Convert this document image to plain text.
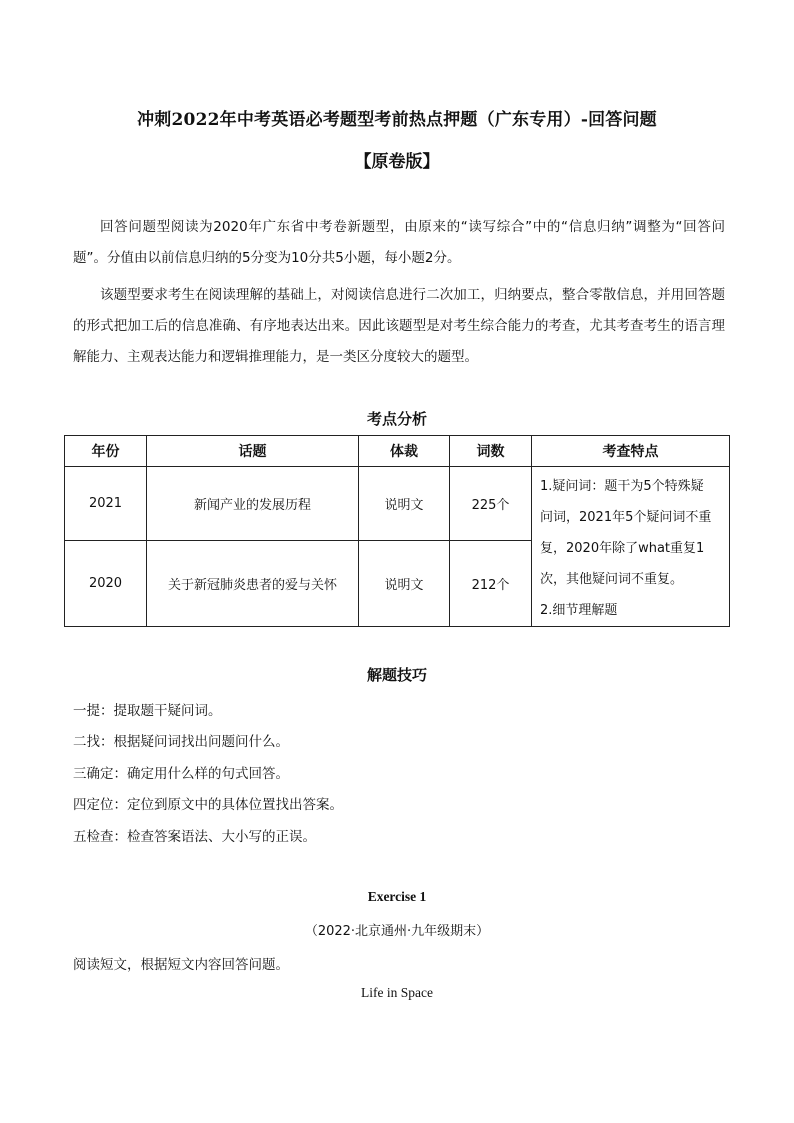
冲刺2022年中考英语必考题型考前热点押题（广东专用）-回答问题
【原卷版】
回答问题型阅读为2020年广东省中考卷新题型，由原来的“读写综合”中的“信息归纳”调整为“回答问题”。分值由以前信息归纳的5分变为10分共5小题，每小题2分。
该题型要求考生在阅读理解的基础上，对阅读信息进行二次加工，归纳要点，整合零散信息，并用回答题的形式把加工后的信息准确、有序地表达出来。因此该题型是对考生综合能力的考查，尤其考查考生的语言理解能力、主观表达能力和逻辑推理能力，是一类区分度较大的题型。
考点分析
年份	话题	体裁	词数	考查特点
2021	新闻产业的发展历程	说明文	225个	1.疑问词：题干为5个特殊疑
问词，2021年5个疑问词不重
复，2020年除了what重复1
次，其他疑问词不重复。
2.细节理解题

2020	关于新冠肺炎患者的爱与关怀	说明文	212个	
解题技巧
一提：提取题干疑问词。
二找：根据疑问词找出问题问什么。
三确定：确定用什么样的句式回答。
四定位：定位到原文中的具体位置找出答案。
五检查：检查答案语法、大小写的正误。
Exercise 1
（2022·北京通州·九年级期末）
阅读短文，根据短文内容回答问题。
Life in Space
